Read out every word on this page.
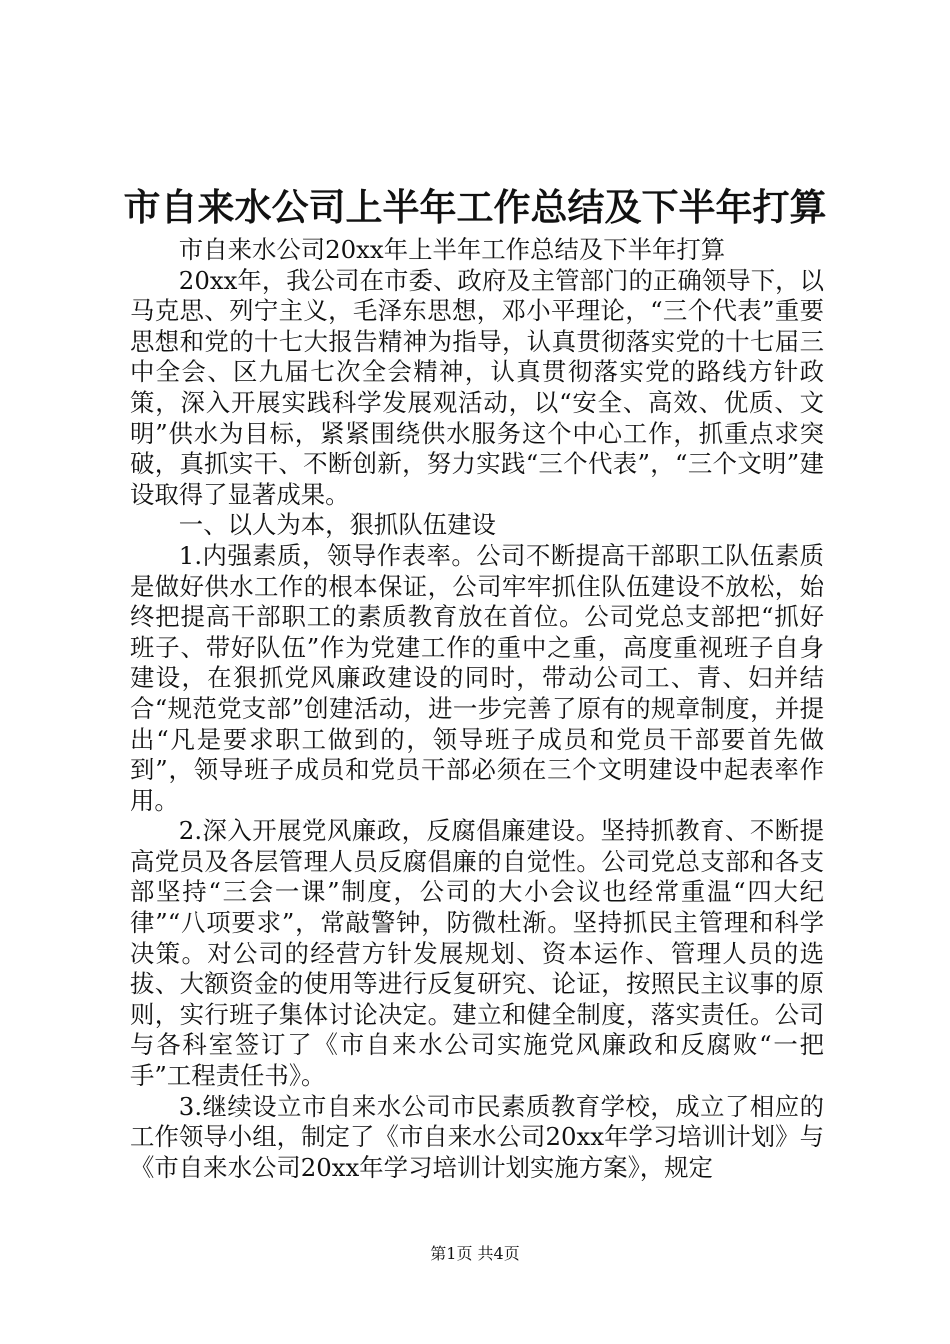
市自来水公司上半年工作总结及下半年打算

市自来水公司20xx年上半年工作总结及下半年打算

20xx年，我公司在市委、政府及主管部门的正确领导下，以马克思、列宁主义，毛泽东思想，邓小平理论，“三个代表”重要思想和党的十七大报告精神为指导，认真贯彻落实党的十七届三中全会、区九届七次全会精神，认真贯彻落实党的路线方针政策，深入开展实践科学发展观活动，以“安全、高效、优质、文明”供水为目标，紧紧围绕供水服务这个中心工作，抓重点求突破，真抓实干、不断创新，努力实践“三个代表”，“三个文明”建设取得了显著成果。

一、以人为本，狠抓队伍建设

1.内强素质，领导作表率。公司不断提高干部职工队伍素质是做好供水工作的根本保证，公司牢牢抓住队伍建设不放松，始终把提高干部职工的素质教育放在首位。公司党总支部把“抓好班子、带好队伍”作为党建工作的重中之重，高度重视班子自身建设，在狠抓党风廉政建设的同时，带动公司工、青、妇并结合“规范党支部”创建活动，进一步完善了原有的规章制度，并提出“凡是要求职工做到的，领导班子成员和党员干部要首先做到”，领导班子成员和党员干部必须在三个文明建设中起表率作用。

2.深入开展党风廉政，反腐倡廉建设。坚持抓教育、不断提高党员及各层管理人员反腐倡廉的自觉性。公司党总支部和各支部坚持“三会一课”制度，公司的大小会议也经常重温“四大纪律”“八项要求”，常敲警钟，防微杜渐。坚持抓民主管理和科学决策。对公司的经营方针发展规划、资本运作、管理人员的选拔、大额资金的使用等进行反复研究、论证，按照民主议事的原则，实行班子集体讨论决定。建立和健全制度，落实责任。公司与各科室签订了《市自来水公司实施党风廉政和反腐败“一把手”工程责任书》。

3.继续设立市自来水公司市民素质教育学校，成立了相应的工作领导小组，制定了《市自来水公司20xx年学习培训计划》与《市自来水公司20xx年学习培训计划实施方案》，规定

第1页 共4页
